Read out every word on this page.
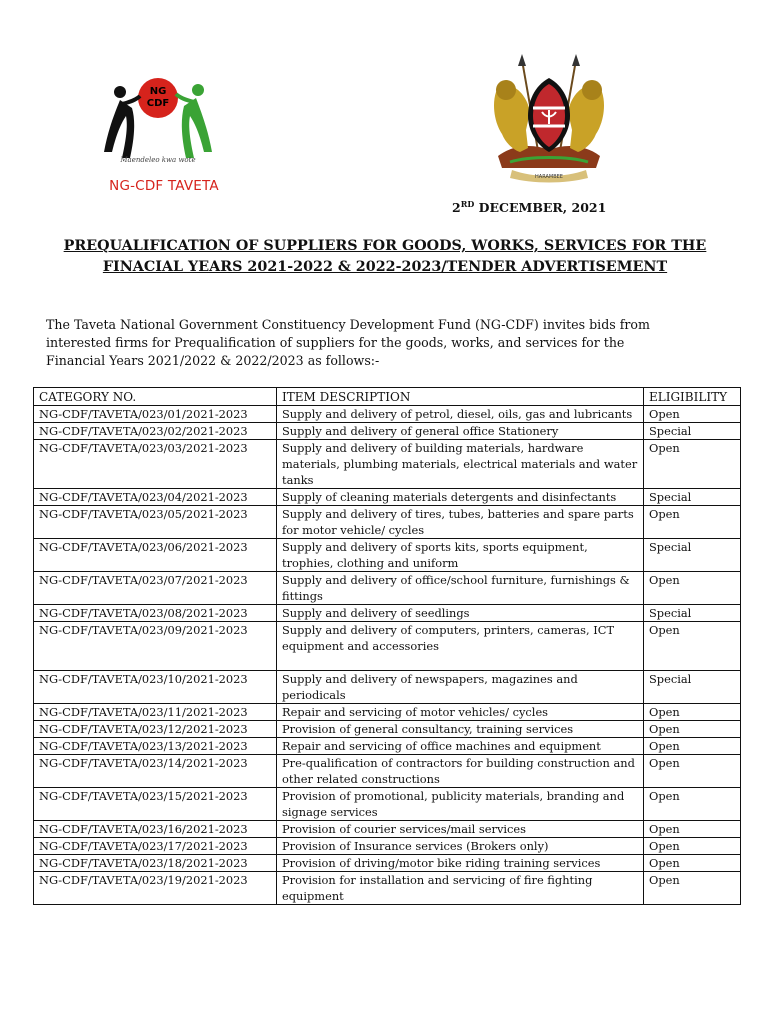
NG
CDF
Maendeleo kwa wote
NG-CDF TAVETA
HARAMBEE
2RD DECEMBER, 2021
PREQUALIFICATION OF SUPPLIERS FOR GOODS, WORKS, SERVICES FOR THE FINACIAL YEARS 2021-2022 & 2022-2023/TENDER ADVERTISEMENT
The Taveta National Government Constituency Development Fund (NG-CDF) invites bids from interested firms for Prequalification of suppliers for the goods, works, and services for the Financial Years 2021/2022 & 2022/2023 as follows:-
CATEGORY NO.	ITEM DESCRIPTION	ELIGIBILITY
NG-CDF/TAVETA/023/01/2021-2023	Supply and delivery of petrol, diesel, oils, gas and lubricants	Open
NG-CDF/TAVETA/023/02/2021-2023	Supply and delivery of general office Stationery	Special
NG-CDF/TAVETA/023/03/2021-2023	Supply and delivery of building materials, hardware materials, plumbing materials, electrical materials and water tanks	Open
NG-CDF/TAVETA/023/04/2021-2023	Supply of cleaning materials detergents and disinfectants	Special
NG-CDF/TAVETA/023/05/2021-2023	Supply and delivery of tires, tubes, batteries and spare parts for motor vehicle/ cycles	Open
NG-CDF/TAVETA/023/06/2021-2023	Supply and delivery of sports kits, sports equipment, trophies, clothing and uniform	Special
NG-CDF/TAVETA/023/07/2021-2023	Supply and delivery of office/school furniture, furnishings & fittings	Open
NG-CDF/TAVETA/023/08/2021-2023	Supply and delivery of seedlings	Special
NG-CDF/TAVETA/023/09/2021-2023	Supply and delivery of computers, printers, cameras, ICT equipment and accessories	Open
NG-CDF/TAVETA/023/10/2021-2023	Supply and delivery of newspapers, magazines and periodicals	Special
NG-CDF/TAVETA/023/11/2021-2023	Repair and servicing of motor vehicles/ cycles	Open
NG-CDF/TAVETA/023/12/2021-2023	Provision of general consultancy, training services	Open
NG-CDF/TAVETA/023/13/2021-2023	Repair and servicing of office machines and equipment	Open
NG-CDF/TAVETA/023/14/2021-2023	Pre-qualification of contractors for building construction and other related constructions	Open
NG-CDF/TAVETA/023/15/2021-2023	Provision of promotional, publicity materials, branding and signage services	Open
NG-CDF/TAVETA/023/16/2021-2023	Provision of courier services/mail services	Open
NG-CDF/TAVETA/023/17/2021-2023	Provision of Insurance services (Brokers only)	Open
NG-CDF/TAVETA/023/18/2021-2023	Provision of driving/motor bike riding training services	Open
NG-CDF/TAVETA/023/19/2021-2023	Provision for installation and servicing of fire fighting equipment	Open
